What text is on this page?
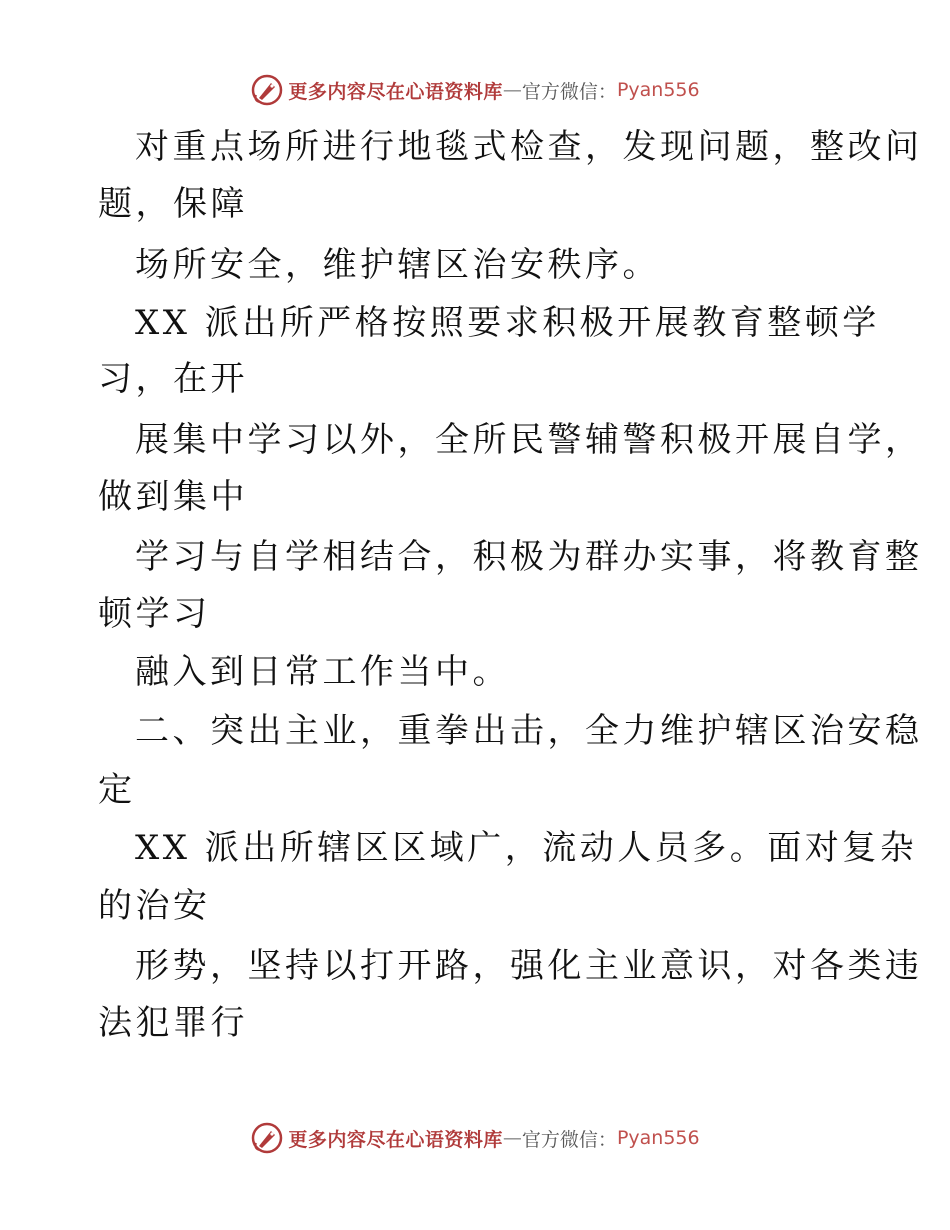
更多内容尽在心语资料库 — 官方微信： Pyan556
对重点场所进行地毯式检查，发现问题，整改问
题，保障
场所安全，维护辖区治安秩序。
XX 派出所严格按照要求积极开展教育整顿学
习，在开
展集中学习以外，全所民警辅警积极开展自学，
做到集中
学习与自学相结合，积极为群办实事，将教育整
顿学习
融入到日常工作当中。
二、突出主业，重拳出击，全力维护辖区治安稳
定
XX 派出所辖区区域广，流动人员多。面对复杂
的治安
形势，坚持以打开路，强化主业意识，对各类违
法犯罪行
更多内容尽在心语资料库 — 官方微信： Pyan556
